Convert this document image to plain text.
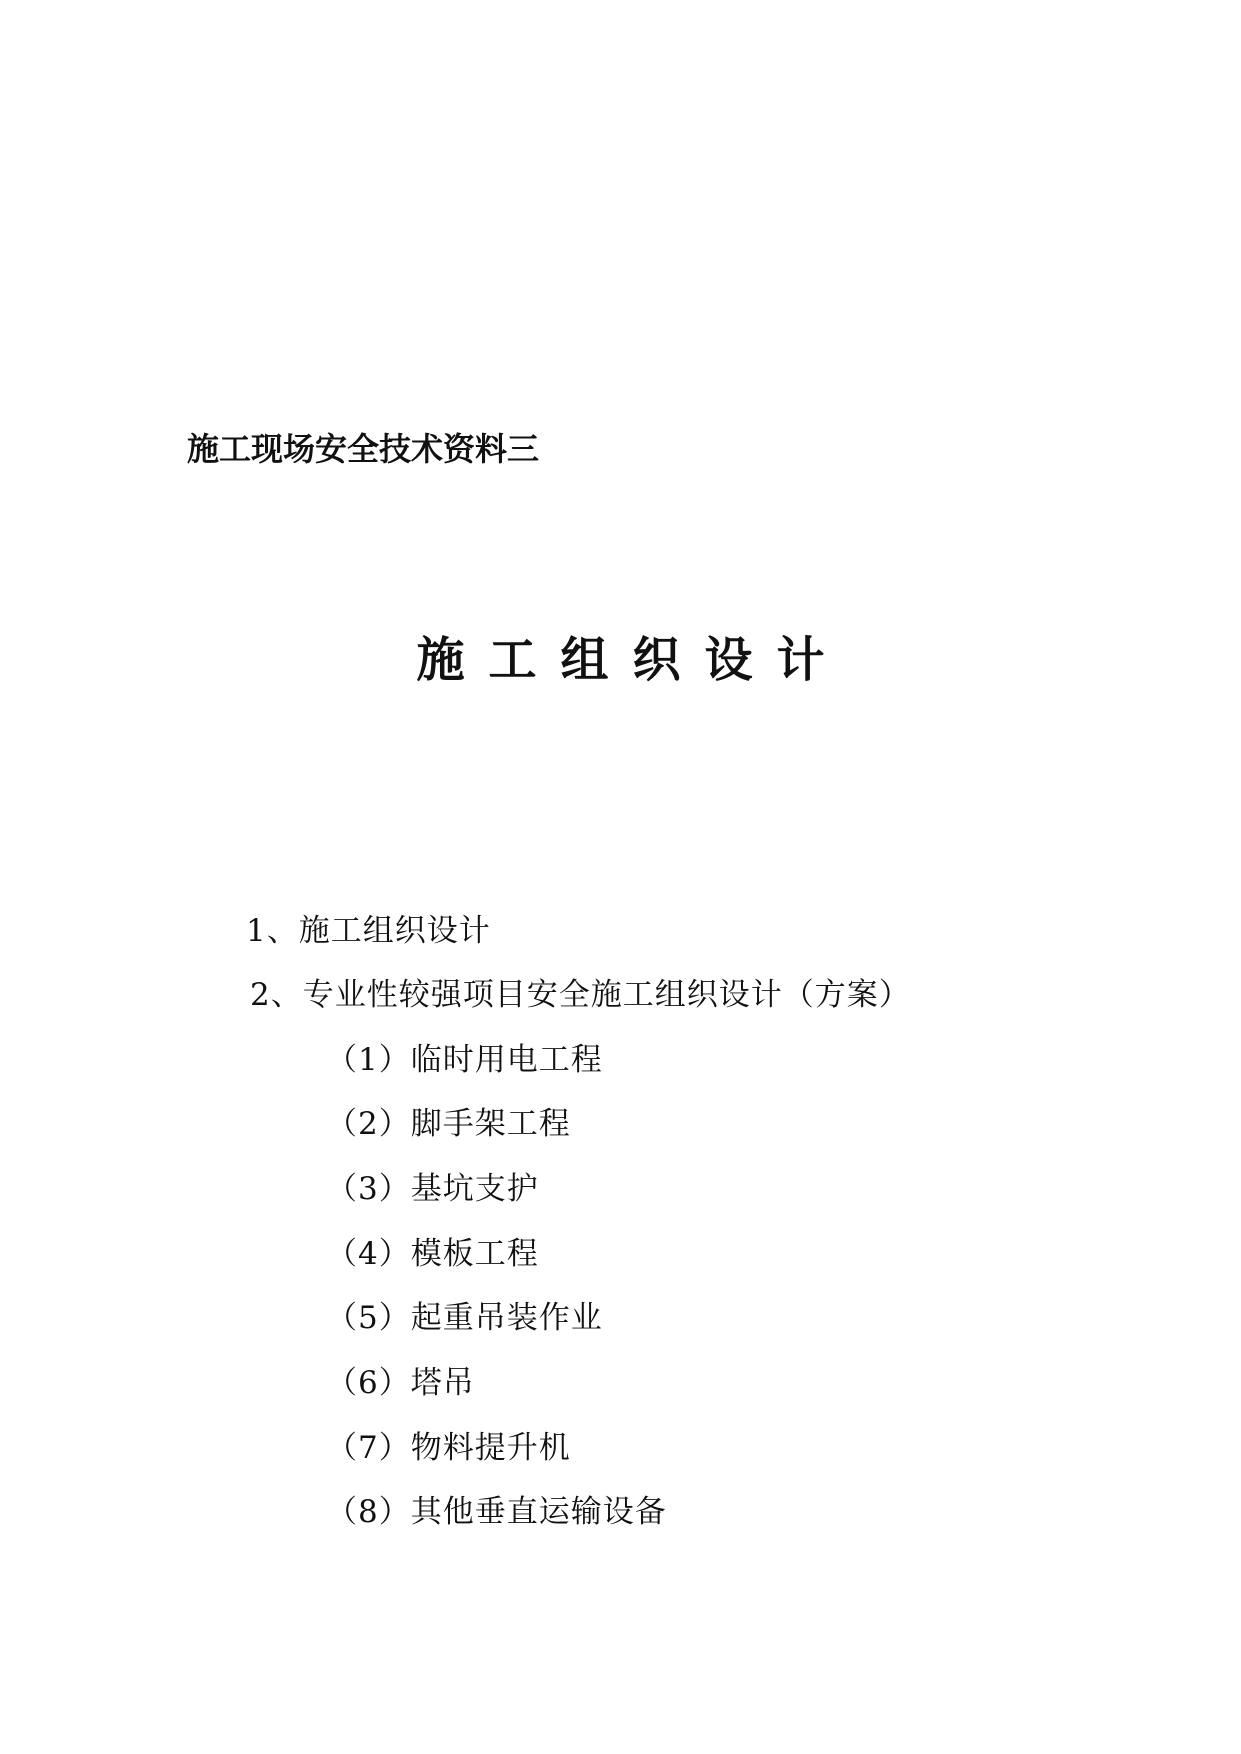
施工现场安全技术资料三
施工组织设计
1、施工组织设计
2、专业性较强项目安全施工组织设计（方案）
（1）临时用电工程
（2）脚手架工程
（3）基坑支护
（4）模板工程
（5）起重吊装作业
（6）塔吊
（7）物料提升机
（8）其他垂直运输设备
